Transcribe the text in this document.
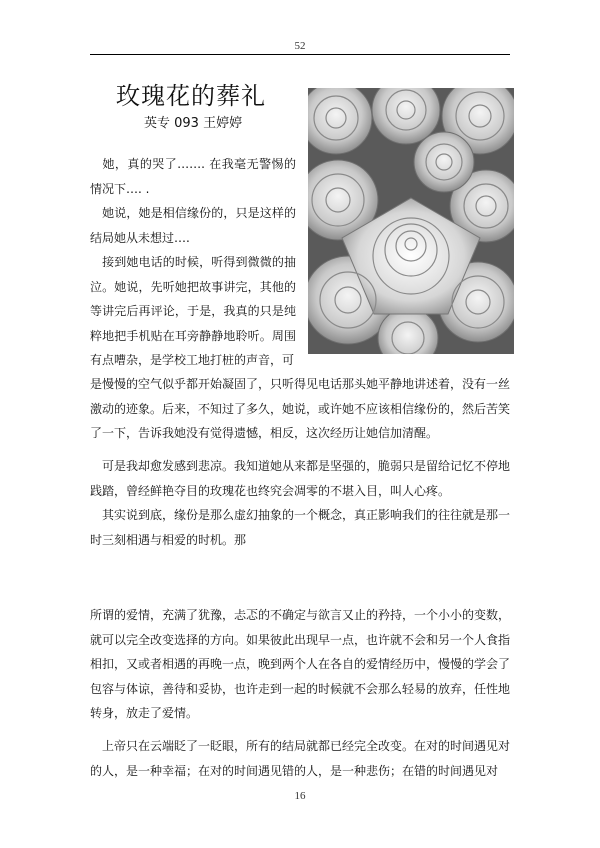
52
玫瑰花的葬礼
英专 093 王婷婷

　她，真的哭了……. 在我毫无警惕的情况下…. .

　她说，她是相信缘份的，只是这样的结局她从未想过….

　接到她电话的时候，听得到微微的抽泣。她说，先听她把故事讲完，其他的等讲完后再评论，于是，我真的只是纯粹地把手机贴在耳旁静静地聆听。周围有点嘈杂，是学校工地打桩的声音，可

是慢慢的空气似乎都开始凝固了，只听得见电话那头她平静地讲述着，没有一丝激动的迹象。后来，不知过了多久，她说，或许她不应该相信缘份的，然后苦笑了一下，告诉我她没有觉得遗憾，相反，这次经历让她信加清醒。

　可是我却愈发感到悲凉。我知道她从来都是坚强的，脆弱只是留给记忆不停地践踏，曾经鲜艳夺目的玫瑰花也终究会凋零的不堪入目，叫人心疼。

　其实说到底，缘份是那么虚幻抽象的一个概念，真正影响我们的往往就是那一时三刻相遇与相爱的时机。那

所谓的爱情，充满了犹豫，忐忑的不确定与欲言又止的矜持，一个小小的变数，就可以完全改变选择的方向。如果彼此出现早一点，也许就不会和另一个人食指相扣，又或者相遇的再晚一点，晚到两个人在各自的爱情经历中，慢慢的学会了包容与体谅，善待和妥协，也许走到一起的时候就不会那么轻易的放弃，任性地转身，放走了爱情。

　上帝只在云端眨了一眨眼，所有的结局就都已经完全改变。在对的时间遇见对的人，是一种幸福；在对的时间遇见错的人，是一种悲伤；在错的时间遇见对

16
